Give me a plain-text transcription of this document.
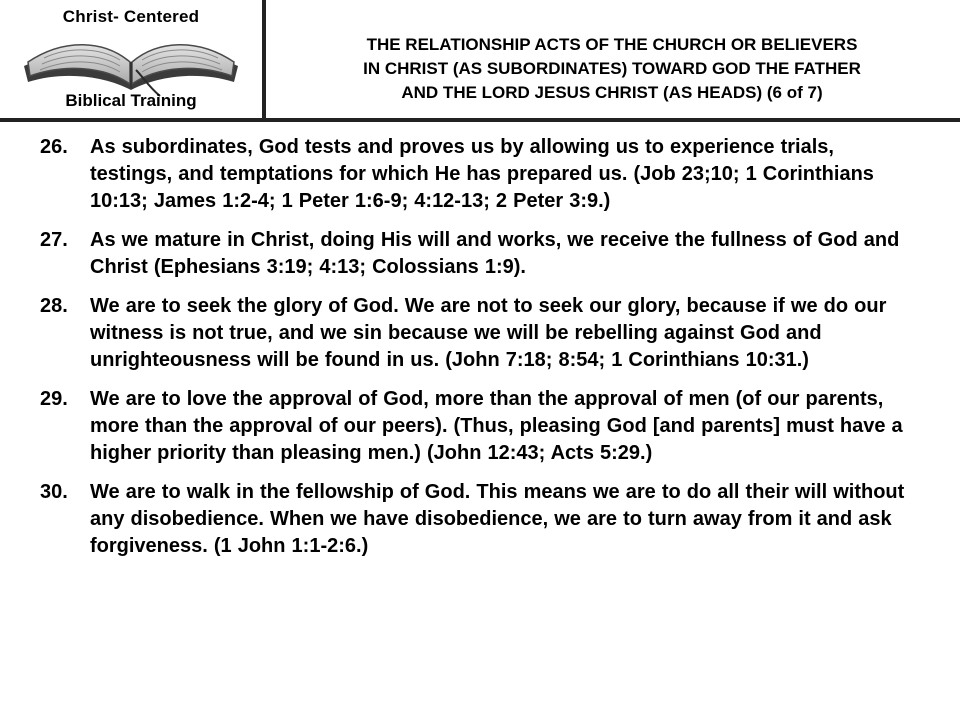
Christ- Centered
Biblical Training
THE RELATIONSHIP ACTS OF THE CHURCH OR BELIEVERS
IN CHRIST (AS SUBORDINATES) TOWARD GOD THE FATHER
AND THE LORD JESUS CHRIST (AS HEADS) (6 of 7)
26.	As subordinates, God tests and proves us by allowing us to experience trials, testings, and temptations for which He has prepared us. (Job 23;10; 1 Corinthians 10:13; James 1:2-4; 1 Peter 1:6-9; 4:12-13; 2 Peter 3:9.)
27.	As we mature in Christ, doing His will and works, we receive the fullness of God and Christ (Ephesians 3:19; 4:13; Colossians 1:9).
28.	We are to seek the glory of God. We are not to seek our glory, because if we do our witness is not true, and we sin because we will be rebelling against God and unrighteousness will be found in us. (John 7:18; 8:54; 1 Corinthians 10:31.)
29.	We are to love the approval of God, more than the approval of men (of our parents, more than the approval of our peers). (Thus, pleasing God [and parents] must have a higher priority than pleasing men.) (John 12:43; Acts 5:29.)
30.	We are to walk in the fellowship of God. This means we are to do all their will without any disobedience. When we have disobedience, we are to turn away from it and ask forgiveness. (1 John 1:1-2:6.)
